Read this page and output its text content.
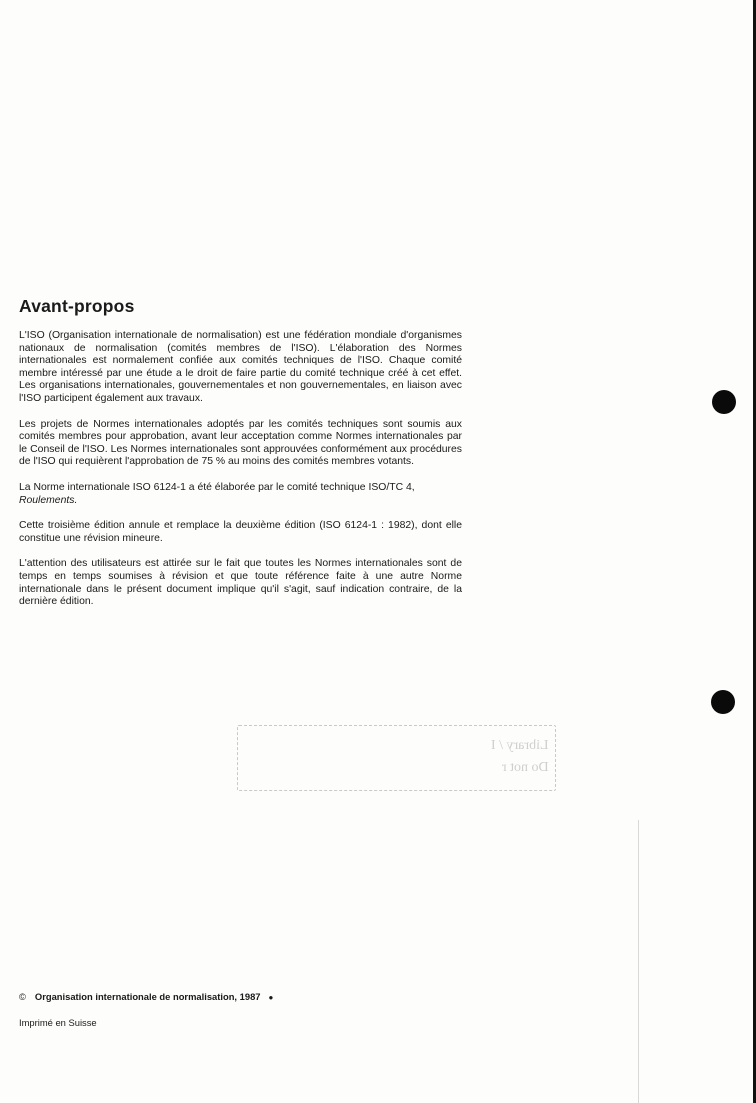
Avant-propos

L'ISO (Organisation internationale de normalisation) est une fédération mondiale d'organismes nationaux de normalisation (comités membres de l'ISO). L'élaboration des Normes internationales est normalement confiée aux comités techniques de l'ISO. Chaque comité membre intéressé par une étude a le droit de faire partie du comité technique créé à cet effet. Les organisations internationales, gouvernementales et non gouvernementales, en liaison avec l'ISO participent également aux travaux.

Les projets de Normes internationales adoptés par les comités techniques sont soumis aux comités membres pour approbation, avant leur acceptation comme Normes internationales par le Conseil de l'ISO. Les Normes internationales sont approuvées conformément aux procédures de l'ISO qui requièrent l'approbation de 75 % au moins des comités membres votants.

La Norme internationale ISO 6124-1 a été élaborée par le comité technique ISO/TC 4,
Roulements.

Cette troisième édition annule et remplace la deuxième édition (ISO 6124-1 : 1982), dont elle constitue une révision mineure.

L'attention des utilisateurs est attirée sur le fait que toutes les Normes internationales sont de temps en temps soumises à révision et que toute référence faite à une autre Norme internationale dans le présent document implique qu'il s'agit, sauf indication contraire, de la dernière édition.

Library / I
Do not r
© Organisation internationale de normalisation, 1987 ●
Imprimé en Suisse
